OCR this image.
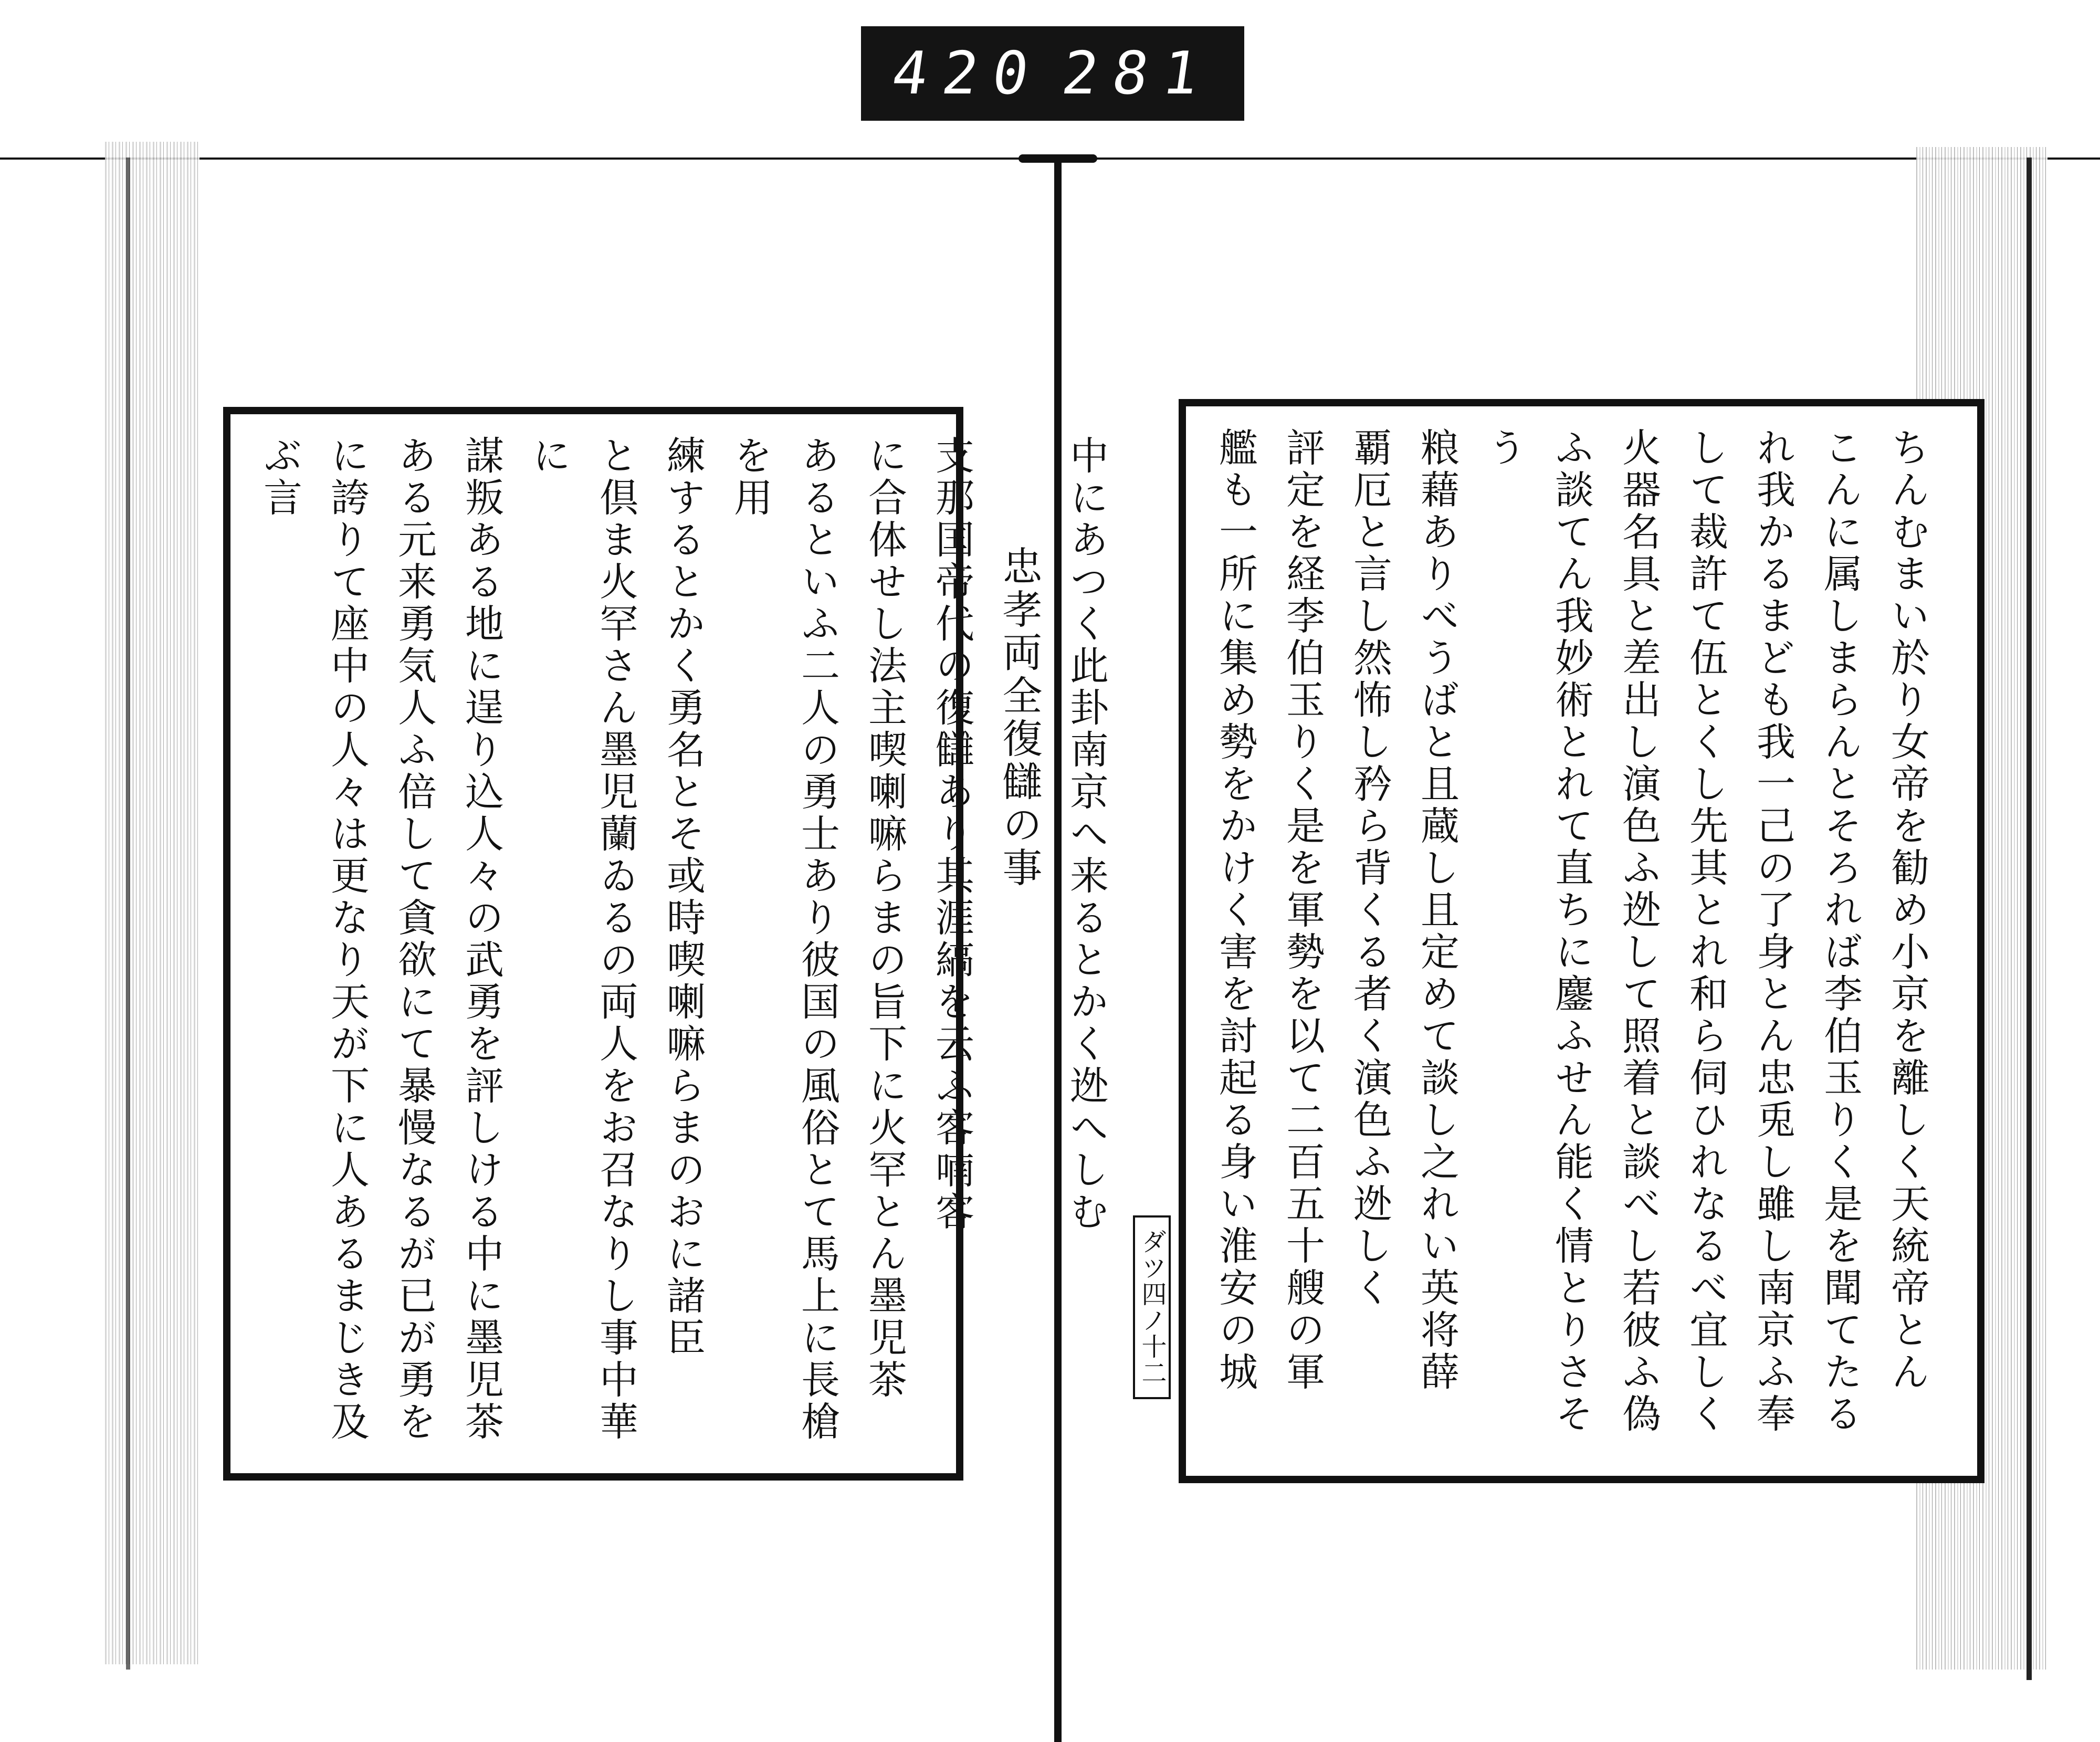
420 281

中にあつく此卦南京へ来るとかく迯へしむ

忠孝両全復讎の事

支那国帝代の復讎あり其涯縞を云ふ客喃客

に合体せし法主喫喇嘛らまの旨下に火罕とん墨児茶

あるといふ二人の勇士あり彼国の風俗とて馬上に長槍を用

練するとかく勇名とそ或時喫喇嘛らまのおに諸臣

と倶ま火罕さん墨児蘭ゐるの両人をお召なりし事中華に

謀叛ある地に逞り込人々の武勇を評しける中に墨児茶

ある元来勇気人ふ倍して貪欲にて暴慢なるが已が勇を

に誇りて座中の人々は更なり天が下に人あるまじき及ぶ言	ちんむまい於り女帝を勧め小京を離しく天統帝とん

こんに属しまらんとそろれば李伯玉りく是を聞てたる

れ我かるまども我一己の了身とん忠兎し雖し南京ふ奉

して裁許て伍とくし先其とれ和ら伺ひれなるべ宜しく

火器名具と差出し演色ふ迯して照着と談べし若彼ふ偽

ふ談てん我妙術とれて直ちに鏖ふせん能く情とりさそう

粮藉ありべうばと且蔵し且定めて談し之れい英将薛

覇厄と言し然怖し矜ら背くる者く演色ふ迯しく

評定を経李伯玉りく是を軍勢を以て二百五十艘の軍

艦も一所に集め勢をかけく害を討起る身い淮安の城

ダツ四ノ十二
